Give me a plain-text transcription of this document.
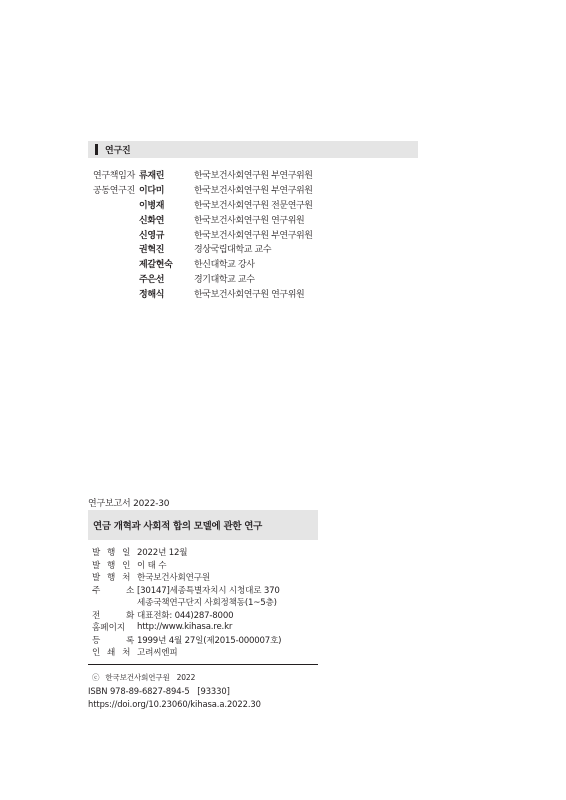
연구진
연구책임자 류재린	한국보건사회연구원 부연구위원
공동연구진 이다미	한국보건사회연구원 부연구위원
이병재	한국보건사회연구원 전문연구원
신화연	한국보건사회연구원 연구위원
신영규	한국보건사회연구원 부연구위원
권혁진	경상국립대학교 교수
제갈현숙	한신대학교 강사
주은선	경기대학교 교수
정해식	한국보건사회연구원 연구위원
연구보고서 2022-30
연금 개혁과 사회적 합의 모델에 관한 연구
발 행 일 2022년 12월
발 행 인 이 태 수
발 행 처 한국보건사회연구원
주     소 [30147]세종특별자치시 시청대로 370
세종국책연구단지 사회정책동(1~5층)
전     화 대표전화: 044)287-8000
홈페이지	http://www.kihasa.re.kr
등     록 1999년 4월 27일(제2015-000007호)
인 쇄 처 고려씨엔피
ⓒ 한국보건사회연구원   2022
ISBN 978-89-6827-894-5   [93330]
https://doi.org/10.23060/kihasa.a.2022.30
